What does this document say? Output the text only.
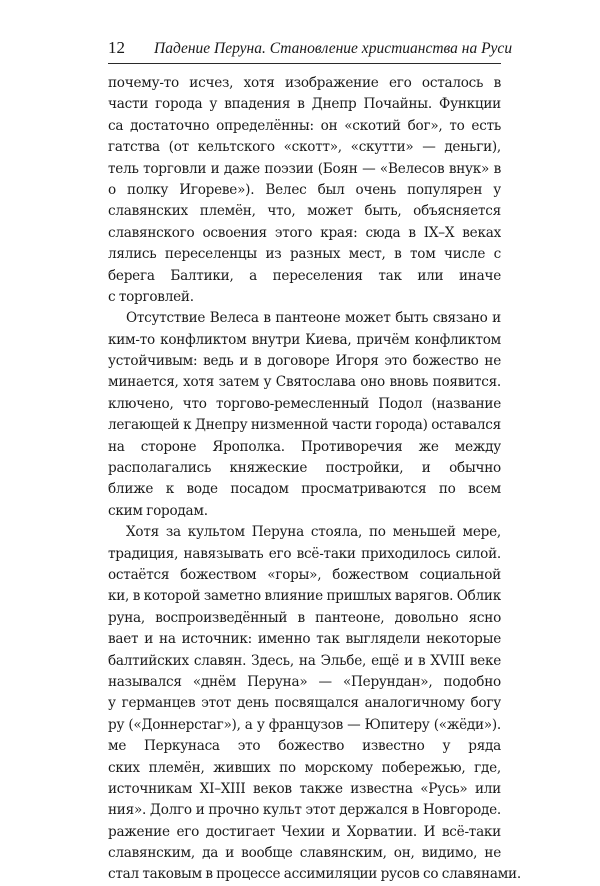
12 Падение Перуна. Становление христианства на Руси
почему-то исчез, хотя изображение его осталось в
части города у впадения в Днепр Почайны. Функции
са достаточно определённы: он «скотий бог», то есть
гатства (от кельтского «скотт», «скутти» — деньги),
тель торговли и даже поэзии (Боян — «Велесов внук» в
о полку Игореве»). Велес был очень популярен у
славянских племён, что, может быть, объясняется
славянского освоения этого края: сюда в IX–X веках
лялись переселенцы из разных мест, в том числе с
берега Балтики, а переселения так или иначе
с торговлей.
Отсутствие Велеса в пантеоне может быть связано и
ким-то конфликтом внутри Киева, причём конфликтом
устойчивым: ведь и в договоре Игоря это божество не
минается, хотя затем у Святослава оно вновь появится.
ключено, что торгово-ремесленный Подол (название
легающей к Днепру низменной части города) оставался
на стороне Ярополка. Противоречия же между
располагались княжеские постройки, и обычно
ближе к воде посадом просматриваются по всем
ским городам.
Хотя за культом Перуна стояла, по меньшей мере,
традиция, навязывать его всё-таки приходилось силой.
остаётся божеством «горы», божеством социальной
ки, в которой заметно влияние пришлых варягов. Облик
руна, воспроизведённый в пантеоне, довольно ясно
вает и на источник: именно так выглядели некоторые
балтийских славян. Здесь, на Эльбе, ещё и в XVIII веке
назывался «днём Перуна» — «Перундан», подобно
у германцев этот день посвящался аналогичному богу
ру («Доннерстаг»), а у французов — Юпитеру («жёди»).
ме Перкунаса это божество известно у ряда
ских племён, живших по морскому побережью, где,
источникам XI–XIII веков также известна «Русь» или
ния». Долго и прочно культ этот держался в Новгороде.
ражение его достигает Чехии и Хорватии. И всё-таки
славянским, да и вообще славянским, он, видимо, не
стал таковым в процессе ассимиляции русов со славянами.
